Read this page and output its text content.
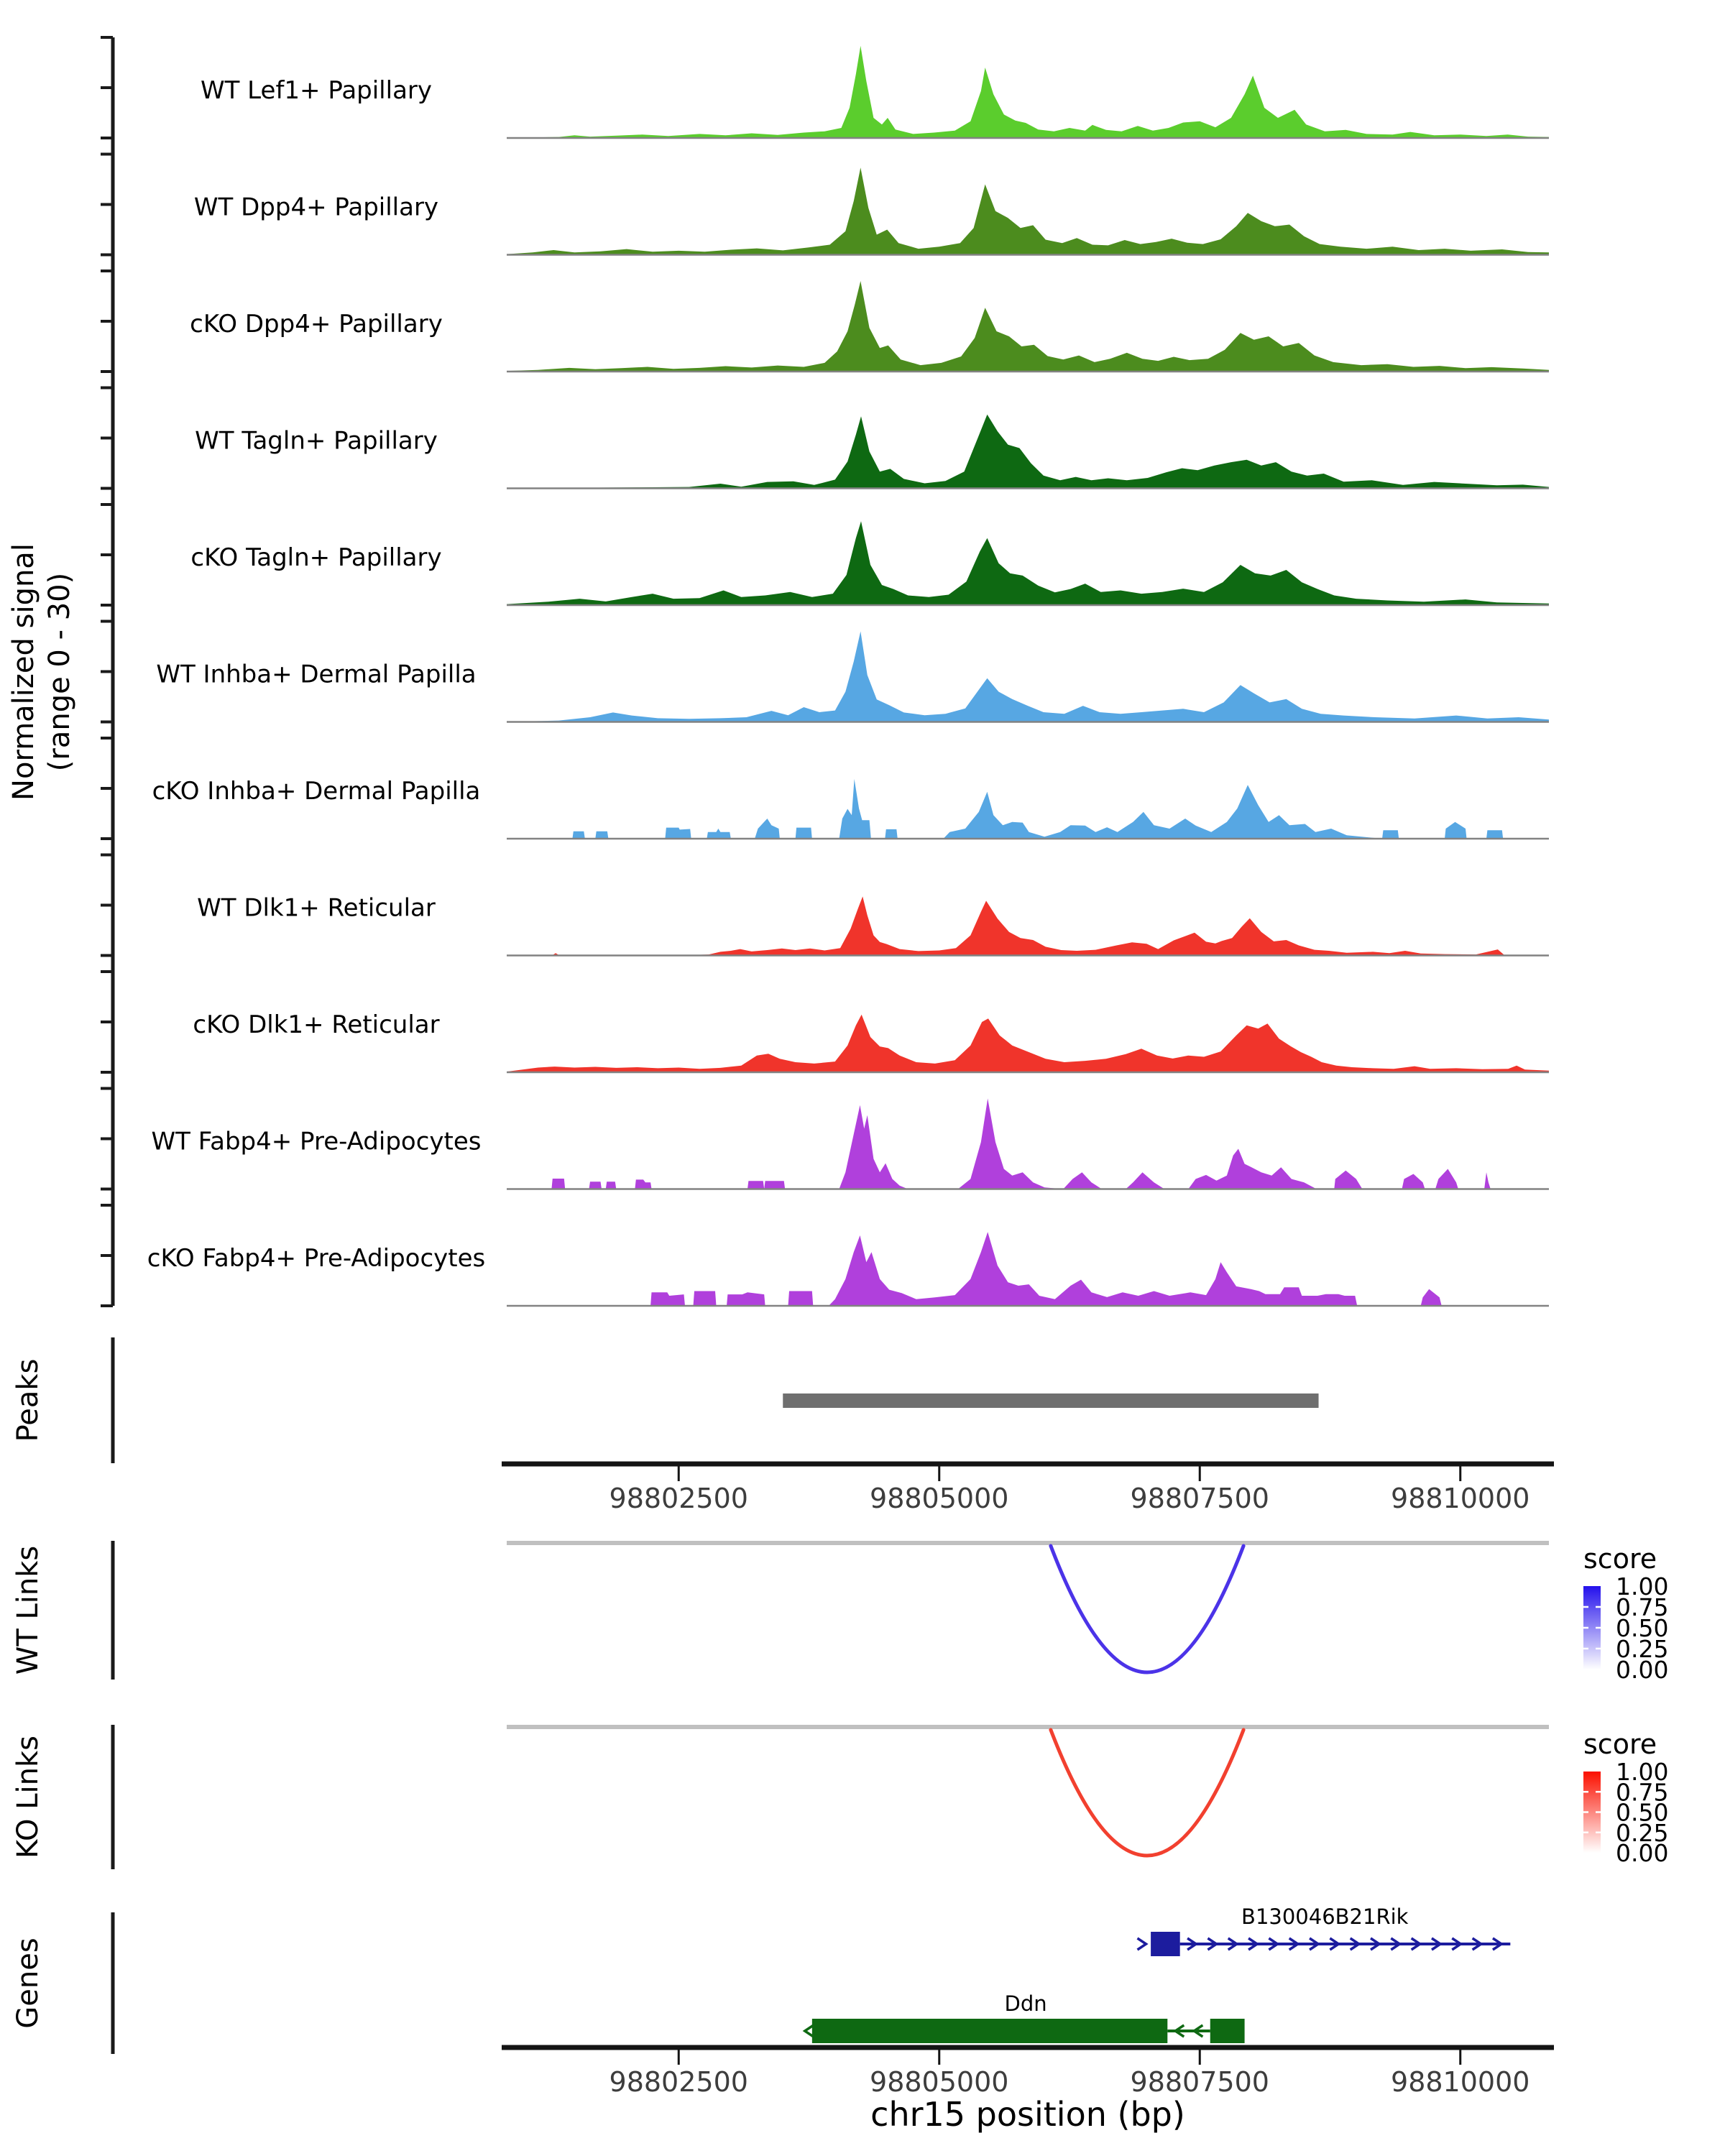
WT Lef1+ Papillary
WT Dpp4+ Papillary
cKO Dpp4+ Papillary
WT Tagln+ Papillary
cKO Tagln+ Papillary
WT Inhba+ Dermal Papilla
cKO Inhba+ Dermal Papilla
WT Dlk1+ Reticular
cKO Dlk1+ Reticular
WT Fabp4+ Pre-Adipocytes
cKO Fabp4+ Pre-Adipocytes
Normalized signal (range 0 - 30)
Peaks
98802500	98805000	98807500	98810000
98802500	98805000	98807500	98810000
chr15 position (bp)
WT Links	score
1.00
0.75
0.50
0.25
0.00
KO Links	score
1.00
0.75
0.50
0.25
0.00
Genes
B130046B21Rik
Ddn
